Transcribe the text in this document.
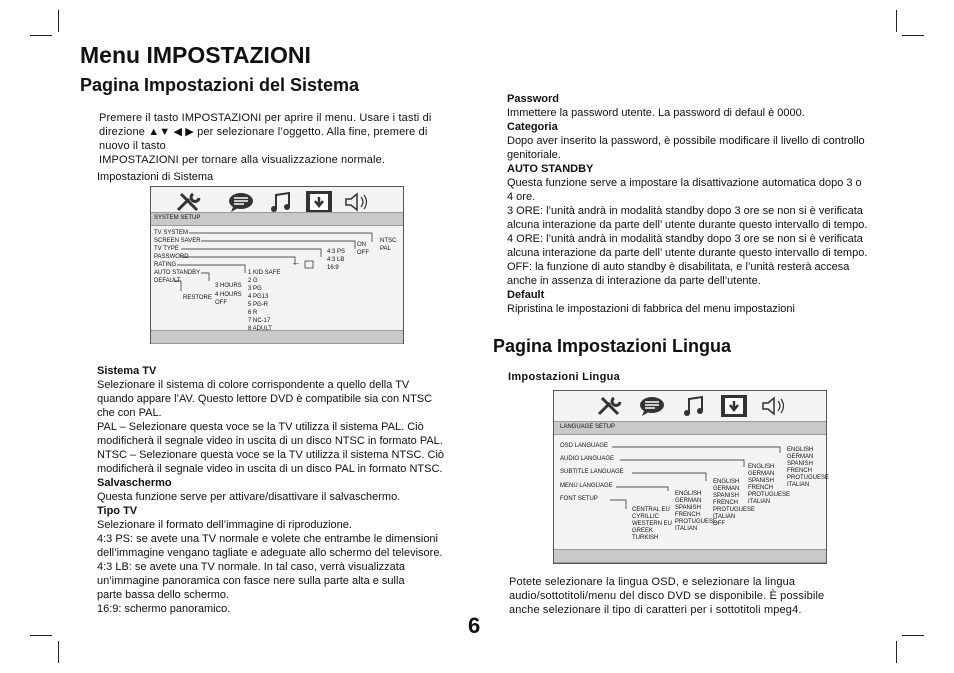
Menu IMPOSTAZIONI
Pagina Impostazioni del Sistema

Premere il tasto IMPOSTAZIONI per aprire il menu. Usare i tasti di

direzione ▲▼ ◀ ▶ per selezionare l’oggetto. Alla fine, premere di

nuovo il tasto

IMPOSTAZIONI per tornare alla visualizzazione normale.

Impostazioni di Sistema
SYSTEM SETUP
TV SYSTEM
SCREEN SAVER
TV TYPE
PASSWORD
RATING
AUTO STANDBY
DEFAULT
RESTORE
3 HOURS
4 HOURS
OFF
1 KID SAFE
2 G
3 PG
4 PG13
5 PG-R
6 R
7 NC-17
8 ADULT
---
4:3 PS
4:3 LB
16:9
ON
OFF
NTSC
PAL
Sistema TV
Selezionare il sistema di colore corrispondente a quello della TV
quando appare l’AV. Questo lettore DVD è compatibile sia con NTSC
che con PAL.
PAL – Selezionare questa voce se la TV utilizza il sistema PAL. Ciò
modificherà il segnale video in uscita di un disco NTSC in formato PAL.
NTSC – Selezionare questa voce se la TV utilizza il sistema NTSC. Ciò
modificherà il segnale video in uscita di un disco PAL in formato NTSC.
Salvaschermo
Questa funzione serve per attivare/disattivare il salvaschermo.
Tipo TV
Selezionare il formato dell’immagine di riproduzione.
4:3 PS: se avete una TV normale e volete che entrambe le dimensioni
dell’immagine vengano tagliate e adeguate allo schermo del televisore.
4:3 LB: se avete una TV normale. In tal caso, verrà visualizzata
un’immagine panoramica con fasce nere sulla parte alta e sulla
parte bassa dello schermo.
16:9: schermo panoramico.
Password
Immettere la password utente. La password di defaul è 0000.
Categoria
Dopo aver inserito la password, è possibile modificare il livello di controllo
genitoriale.
AUTO STANDBY
Questa funzione serve a impostare la disattivazione automatica dopo 3 o
4 ore.
3 ORE: l’unità andrà in modalità standby dopo 3 ore se non si è verificata
alcuna interazione da parte dell’ utente durante questo intervallo di tempo.
4 ORE: l’unità andrà in modalità standby dopo 3 ore se non si è verificata
alcuna interazione da parte dell’ utente durante questo intervallo di tempo.
OFF: la funzione di auto standby è disabilitata, e l’unità resterà accesa
anche in assenza di interazione da parte dell’utente.
Default
Ripristina le impostazioni di fabbrica del menu impostazioni
Pagina Impostazioni Lingua
Impostazioni Lingua
LANGUAGE SETUP
OSD LANGUAGE
AUDIO LANGUAGE
SUBTITLE LANGUAGE
MENU LANGUAGE
FONT SETUP
CENTRAL EU
CYRILLIC
WESTERN EU
GREEK
TURKISH
ENGLISH
GERMAN
SPANISH
FRENCH
PROTUGUESE
ITALIAN
ENGLISH
GERMAN
SPANISH
FRENCH
PROTUGUESE
ITALIAN
OFF
ENGLISH
GERMAN
SPANISH
FRENCH
PROTUGUESE
ITALIAN
ENGLISH
GERMAN
SPANISH
FRENCH
PROTUGUESE
ITALIAN

Potete selezionare la lingua OSD, e selezionare la lingua

audio/sottotitoli/menu del disco DVD se disponibile. È possibile

anche selezionare il tipo di caratteri per i sottotitoli mpeg4.

6
